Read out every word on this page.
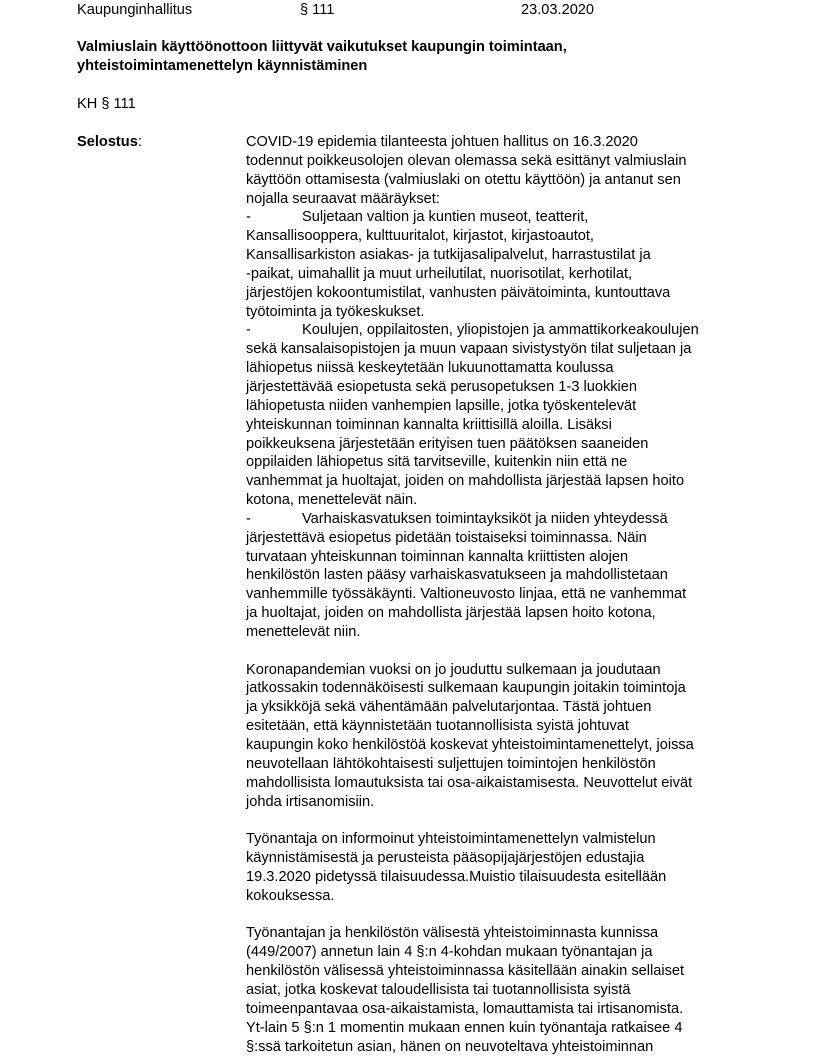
Kaupunginhallitus	§ 111	23.03.2020
Valmiuslain käyttöönottoon liittyvät vaikutukset kaupungin toimintaan,
yhteistoimintamenettelyn käynnistäminen
KH § 111
Selostus:	COVID-19 epidemia tilanteesta johtuen hallitus on 16.3.2020
todennut poikkeusolojen olevan olemassa sekä esittänyt valmiuslain
käyttöön ottamisesta (valmiuslaki on otettu käyttöön) ja antanut sen
nojalla seuraavat määräykset:
-	Suljetaan valtion ja kuntien museot, teatterit,
Kansallisooppera, kulttuuritalot, kirjastot, kirjastoautot,
Kansallisarkiston asiakas- ja tutkijasalipalvelut, harrastustilat ja
-paikat, uimahallit ja muut urheilutilat, nuorisotilat, kerhotilat,
järjestöjen kokoontumistilat, vanhusten päivätoiminta, kuntouttava
työtoiminta ja työkeskukset.
-	Koulujen, oppilaitosten, yliopistojen ja ammattikorkeakoulujen
sekä kansalaisopistojen ja muun vapaan sivistystyön tilat suljetaan ja
lähiopetus niissä keskeytetään lukuunottamatta koulussa
järjestettävää esiopetusta sekä perusopetuksen 1-3 luokkien
lähiopetusta niiden vanhempien lapsille, jotka työskentelevät
yhteiskunnan toiminnan kannalta kriittisillä aloilla. Lisäksi
poikkeuksena järjestetään erityisen tuen päätöksen saaneiden
oppilaiden lähiopetus sitä tarvitseville, kuitenkin niin että ne
vanhemmat ja huoltajat, joiden on mahdollista järjestää lapsen hoito
kotona, menettelevät näin.
-	Varhaiskasvatuksen toimintayksiköt ja niiden yhteydessä
järjestettävä esiopetus pidetään toistaiseksi toiminnassa. Näin
turvataan yhteiskunnan toiminnan kannalta kriittisten alojen
henkilöstön lasten pääsy varhaiskasvatukseen ja mahdollistetaan
vanhemmille työssäkäynti. Valtioneuvosto linjaa, että ne vanhemmat
ja huoltajat, joiden on mahdollista järjestää lapsen hoito kotona,
menettelevät niin.
Koronapandemian vuoksi on jo jouduttu sulkemaan ja joudutaan
jatkossakin todennäköisesti sulkemaan kaupungin joitakin toimintoja
ja yksikköjä sekä vähentämään palvelutarjontaa. Tästä johtuen
esitetään, että käynnistetään tuotannollisista syistä johtuvat
kaupungin koko henkilöstöä koskevat yhteistoimintamenettelyt, joissa
neuvotellaan lähtökohtaisesti suljettujen toimintojen henkilöstön
mahdollisista lomautuksista tai osa-aikaistamisesta. Neuvottelut eivät
johda irtisanomisiin.
Työnantaja on informoinut yhteistoimintamenettelyn valmistelun
käynnistämisestä ja perusteista pääsopijajärjestöjen edustajia
19.3.2020 pidetyssä tilaisuudessa.Muistio tilaisuudesta esitellään
kokouksessa.
Työnantajan ja henkilöstön välisestä yhteistoiminnasta kunnissa
(449/2007) annetun lain 4 §:n 4-kohdan mukaan työnantajan ja
henkilöstön välisessä yhteistoiminnassa käsitellään ainakin sellaiset
asiat, jotka koskevat taloudellisista tai tuotannollisista syistä
toimeenpantavaa osa-aikaistamista, lomauttamista tai irtisanomista.
Yt-lain 5 §:n 1 momentin mukaan ennen kuin työnantaja ratkaisee 4
§:ssä tarkoitetun asian, hänen on neuvoteltava yhteistoiminnan
